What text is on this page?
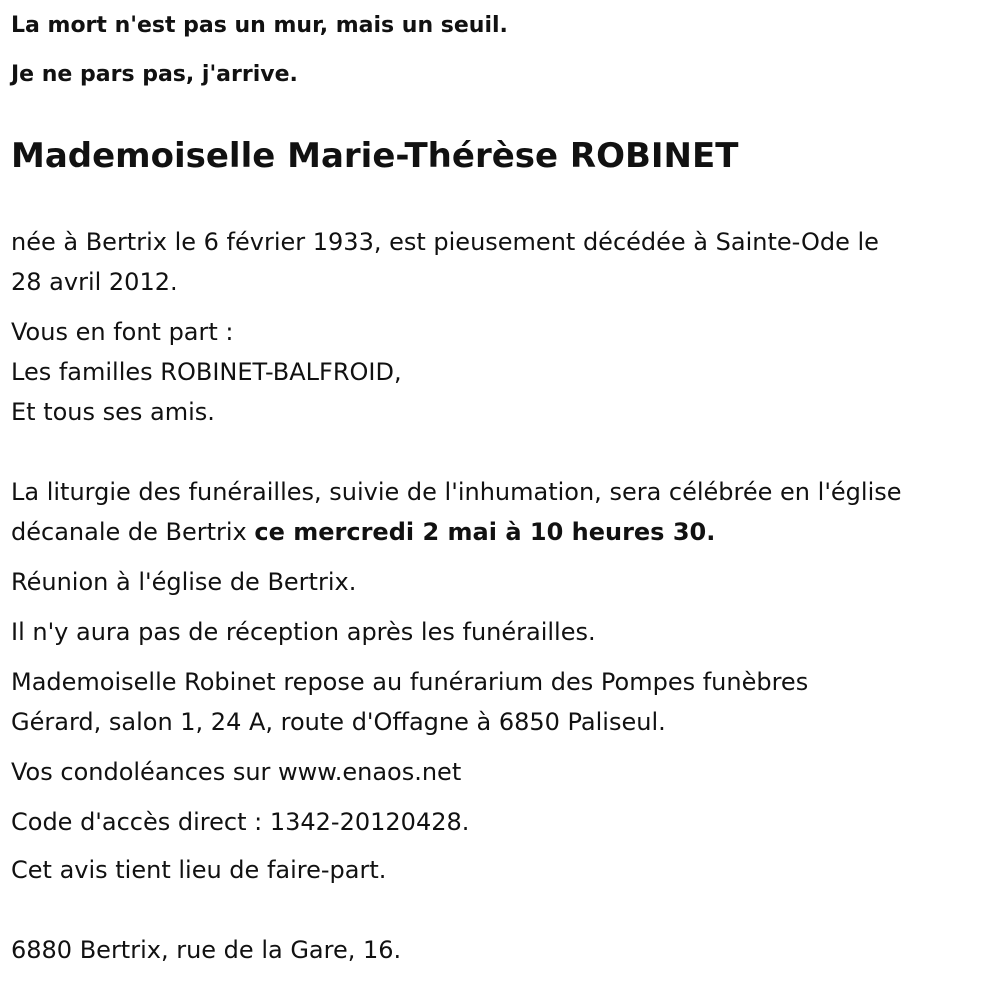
La mort n'est pas un mur, mais un seuil.

Je ne pars pas, j'arrive.

Mademoiselle Marie-Thérèse ROBINET

née à Bertrix le 6 février 1933, est pieusement décédée à Sainte-Ode le

28 avril 2012.

Vous en font part :

Les familles ROBINET-BALFROID,

Et tous ses amis.

La liturgie des funérailles, suivie de l'inhumation, sera célébrée en l'église

décanale de Bertrix ce mercredi 2 mai à 10 heures 30.

Réunion à l'église de Bertrix.

Il n'y aura pas de réception après les funérailles.

Mademoiselle Robinet repose au funérarium des Pompes funèbres

Gérard, salon 1, 24 A, route d'Offagne à 6850 Paliseul.

Vos condoléances sur www.enaos.net

Code d'accès direct : 1342-20120428.

Cet avis tient lieu de faire-part.

6880 Bertrix, rue de la Gare, 16.
